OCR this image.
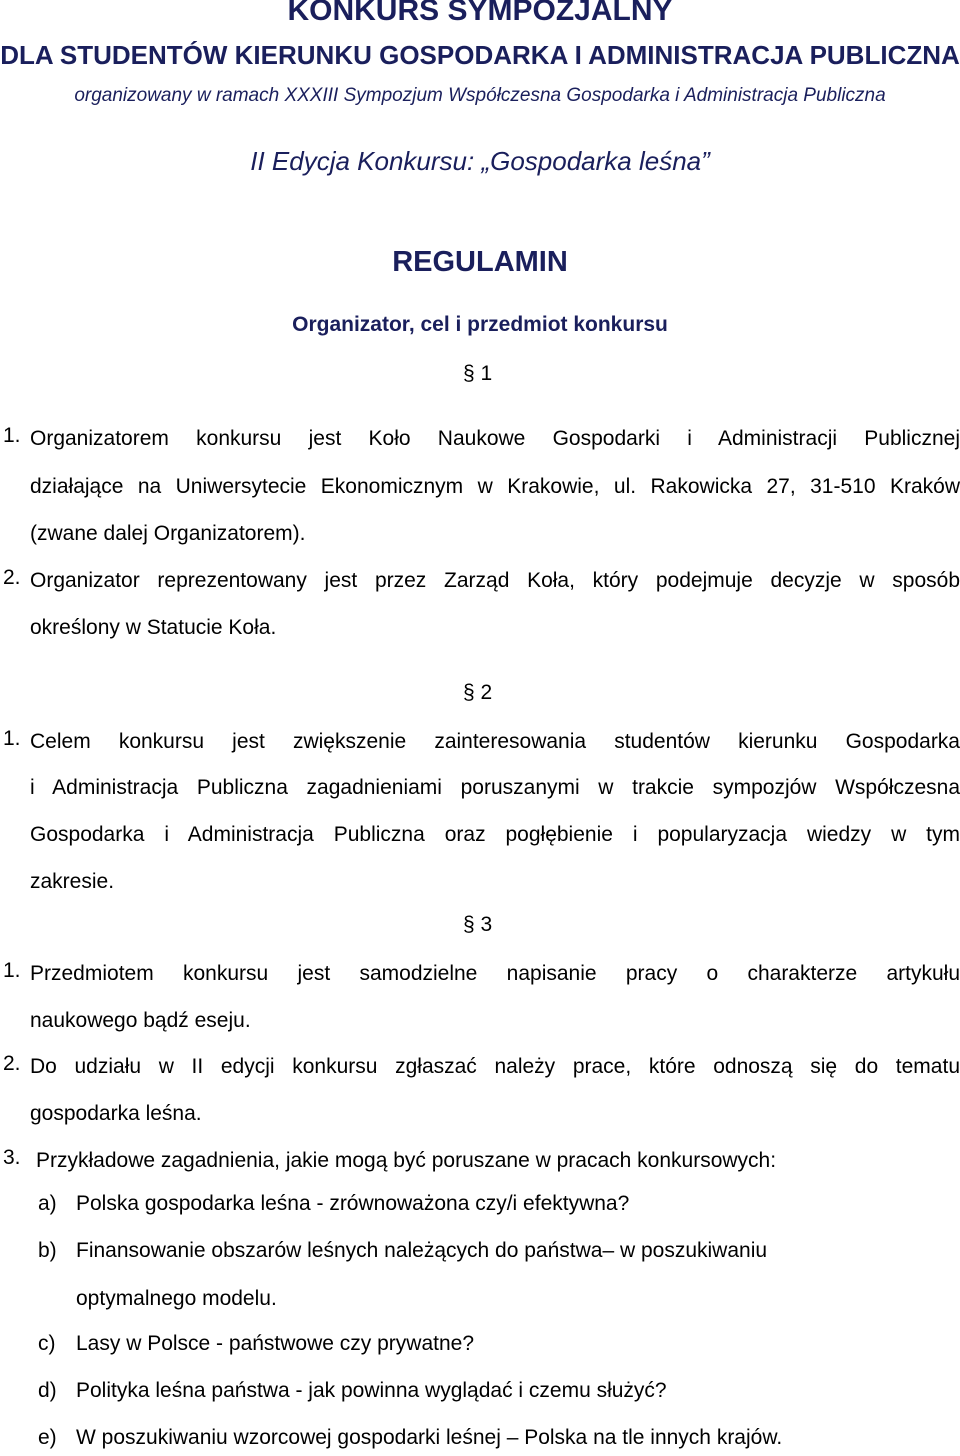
KONKURS SYMPOZJALNY
DLA STUDENTÓW KIERUNKU GOSPODARKA I ADMINISTRACJA PUBLICZNA
organizowany w ramach XXXIII Sympozjum Współczesna Gospodarka i Administracja Publiczna
II Edycja Konkursu: „Gospodarka leśna”
REGULAMIN
Organizator, cel i przedmiot konkursu
§ 1
1. Organizatorem konkursu jest Koło Naukowe Gospodarki i Administracji Publicznej
działające na Uniwersytecie Ekonomicznym w Krakowie, ul. Rakowicka 27, 31-510 Kraków
(zwane dalej Organizatorem).
2. Organizator reprezentowany jest przez Zarząd Koła, który podejmuje decyzje w sposób
określony w Statucie Koła.
§ 2
1. Celem konkursu jest zwiększenie zainteresowania studentów kierunku Gospodarka
i Administracja Publiczna zagadnieniami poruszanymi w trakcie sympozjów Współczesna
Gospodarka i Administracja Publiczna oraz pogłębienie i popularyzacja wiedzy w tym
zakresie.
§ 3
1. Przedmiotem konkursu jest samodzielne napisanie pracy o charakterze artykułu
naukowego bądź eseju.
2. Do udziału w II edycji konkursu zgłaszać należy prace, które odnoszą się do tematu
gospodarka leśna.
3. Przykładowe zagadnienia, jakie mogą być poruszane w pracach konkursowych:
a) Polska gospodarka leśna - zrównoważona czy/i efektywna?
b) Finansowanie obszarów leśnych należących do państwa– w poszukiwaniu
optymalnego modelu.
c) Lasy w Polsce - państwowe czy prywatne?
d) Polityka leśna państwa - jak powinna wyglądać i czemu służyć?
e) W poszukiwaniu wzorcowej gospodarki leśnej – Polska na tle innych krajów.
